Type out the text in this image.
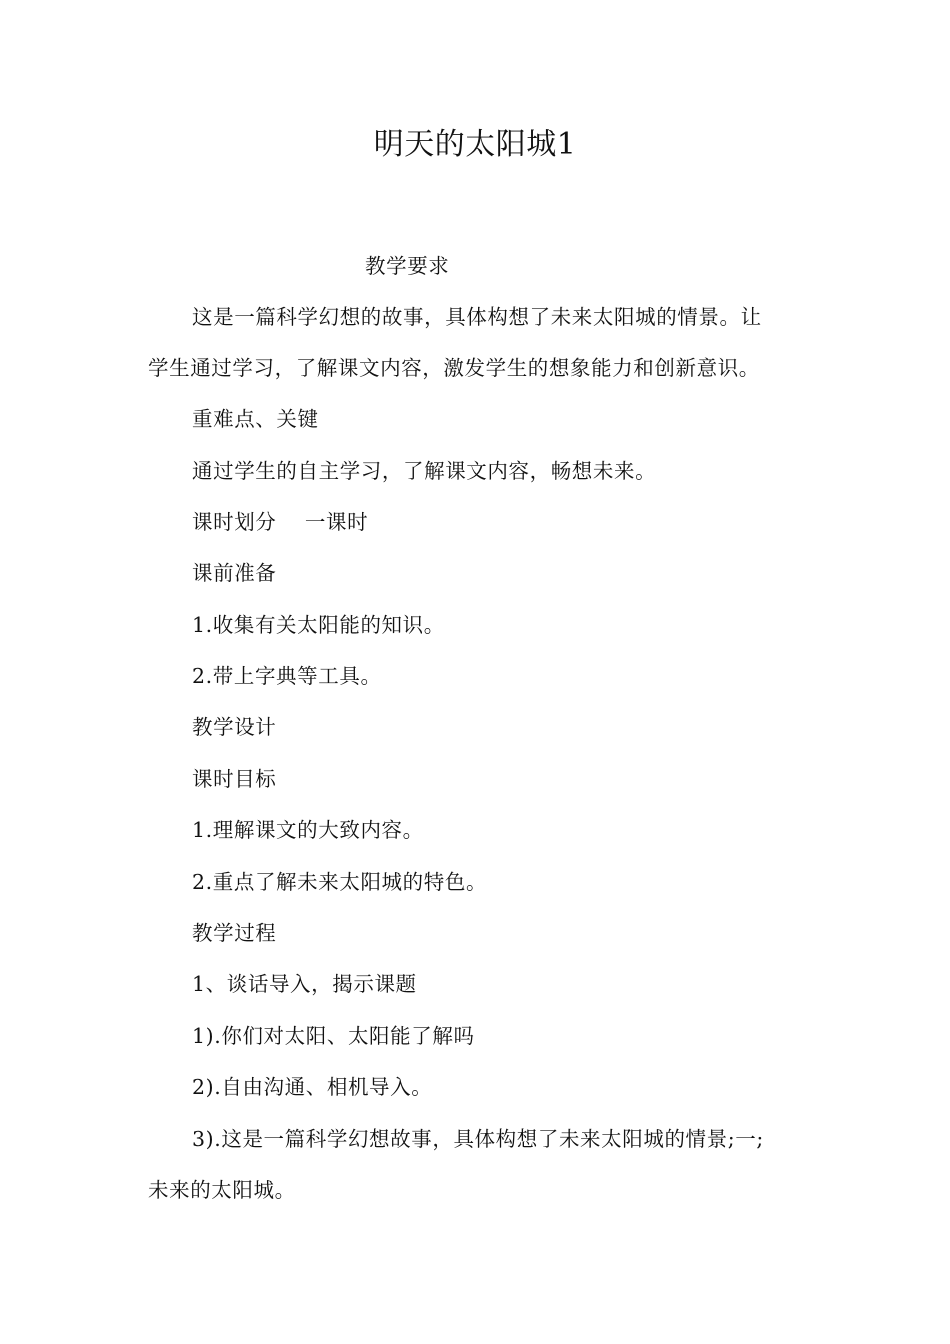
明天的太阳城1
教学要求
这是一篇科学幻想的故事，具体构想了未来太阳城的情景。让
学生通过学习，了解课文内容，激发学生的想象能力和创新意识。
重难点、关键
通过学生的自主学习，了解课文内容，畅想未来。
课时划分    一课时
课前准备
1.收集有关太阳能的知识。
2.带上字典等工具。
教学设计
课时目标
1.理解课文的大致内容。
2.重点了解未来太阳城的特色。
教学过程
1、谈话导入，揭示课题
1).你们对太阳、太阳能了解吗
2).自由沟通、相机导入。
3).这是一篇科学幻想故事，具体构想了未来太阳城的情景;一;
未来的太阳城。
